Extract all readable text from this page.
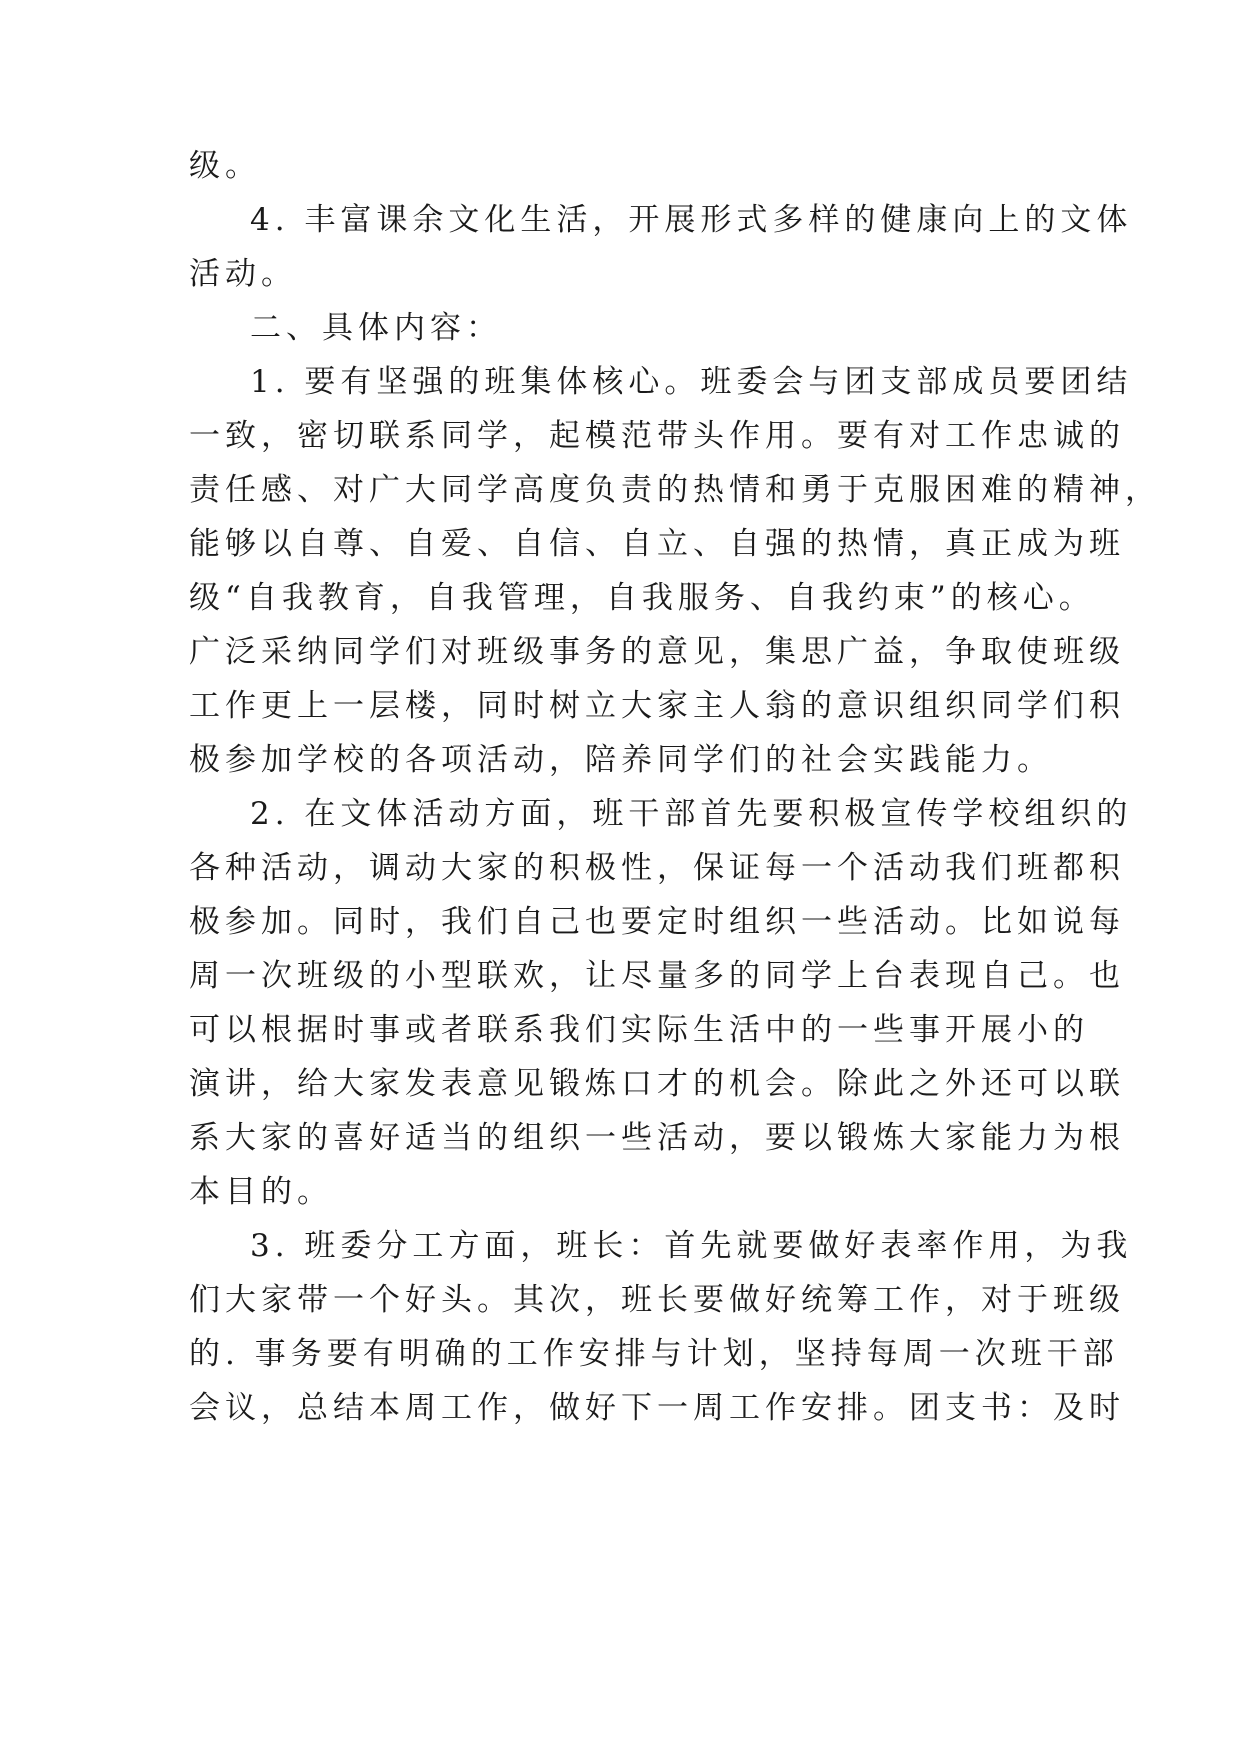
级。
4. 丰富课余文化生活，开展形式多样的健康向上的文体
活动。
二、具体内容：
1. 要有坚强的班集体核心。班委会与团支部成员要团结
一致，密切联系同学，起模范带头作用。要有对工作忠诚的
责任感、对广大同学高度负责的热情和勇于克服困难的精神，
能够以自尊、自爱、自信、自立、自强的热情，真正成为班
级“自我教育，自我管理，自我服务、自我约束”的核心。
广泛采纳同学们对班级事务的意见，集思广益，争取使班级
工作更上一层楼，同时树立大家主人翁的意识组织同学们积
极参加学校的各项活动，陪养同学们的社会实践能力。
2. 在文体活动方面，班干部首先要积极宣传学校组织的
各种活动，调动大家的积极性，保证每一个活动我们班都积
极参加。同时，我们自己也要定时组织一些活动。比如说每
周一次班级的小型联欢，让尽量多的同学上台表现自己。也
可以根据时事或者联系我们实际生活中的一些事开展小的
演讲，给大家发表意见锻炼口才的机会。除此之外还可以联
系大家的喜好适当的组织一些活动，要以锻炼大家能力为根
本目的。
3. 班委分工方面，班长：首先就要做好表率作用，为我
们大家带一个好头。其次，班长要做好统筹工作，对于班级
的. 事务要有明确的工作安排与计划，坚持每周一次班干部
会议，总结本周工作，做好下一周工作安排。团支书：及时
